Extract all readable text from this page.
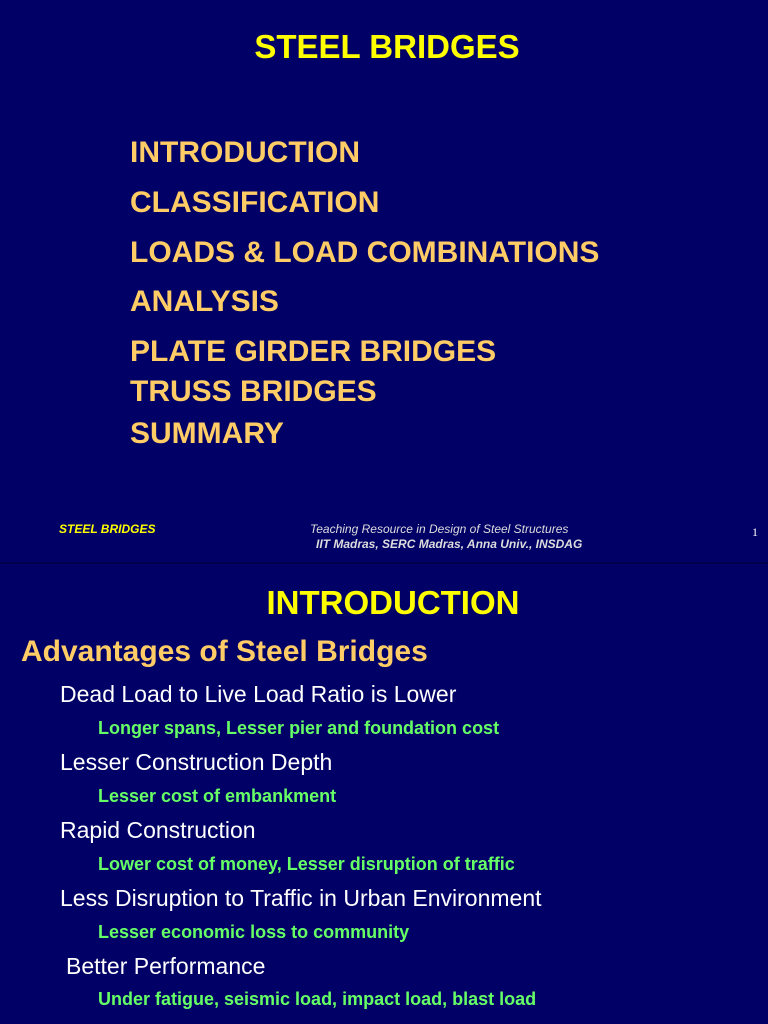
STEEL BRIDGES
INTRODUCTION
CLASSIFICATION
LOADS & LOAD COMBINATIONS
ANALYSIS
PLATE GIRDER BRIDGES
TRUSS BRIDGES
SUMMARY
STEEL BRIDGES	Teaching Resource in Design of Steel Structures
IIT Madras, SERC Madras, Anna Univ., INSDAG
1
INTRODUCTION
Advantages of Steel Bridges
Dead Load to Live Load Ratio is Lower
Longer spans, Lesser pier and foundation cost
Lesser Construction Depth
Lesser cost of embankment
Rapid Construction
Lower cost of money, Lesser disruption of traffic
Less Disruption to Traffic in Urban Environment
Lesser economic loss to community
Better Performance
Under fatigue, seismic load, impact load, blast load
